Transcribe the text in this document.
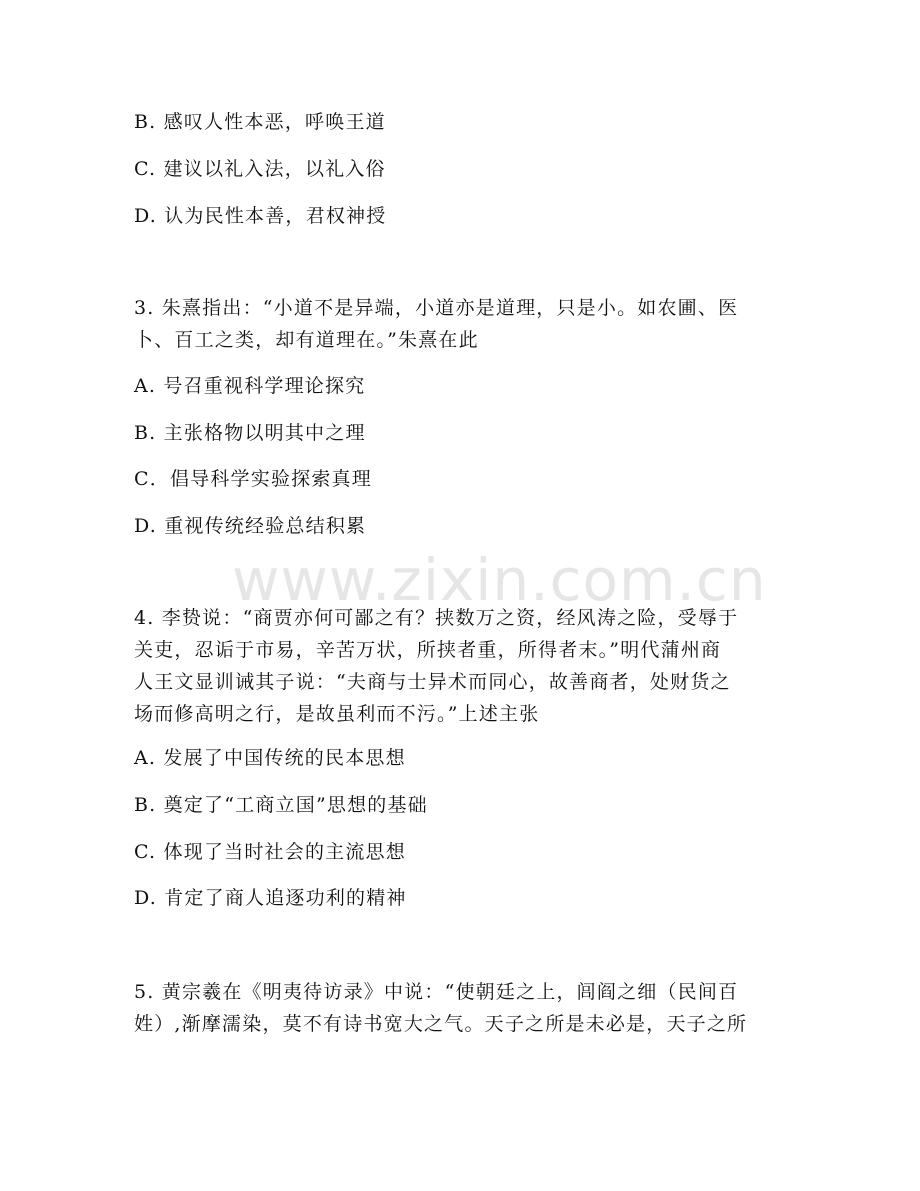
www.zixin.com.cn
B. 感叹人性本恶，呼唤王道
C. 建议以礼入法，以礼入俗
D. 认为民性本善，君权神授
3. 朱熹指出：“小道不是异端，小道亦是道理，只是小。如农圃、医
卜、百工之类，却有道理在。”朱熹在此
A. 号召重视科学理论探究
B. 主张格物以明其中之理
C．倡导科学实验探索真理
D. 重视传统经验总结积累
4. 李贽说：“商贾亦何可鄙之有？挟数万之资，经风涛之险，受辱于
关吏，忍诟于市易，辛苦万状，所挟者重，所得者末。”明代蒲州商
人王文显训诫其子说：“夫商与士异术而同心，故善商者，处财货之
场而修高明之行，是故虽利而不污。”上述主张
A. 发展了中国传统的民本思想
B. 奠定了“工商立国”思想的基础
C. 体现了当时社会的主流思想
D. 肯定了商人追逐功利的精神
5. 黄宗羲在《明夷待访录》中说：“使朝廷之上，闾阎之细（民间百
姓）,渐摩濡染，莫不有诗书宽大之气。天子之所是未必是，天子之所
